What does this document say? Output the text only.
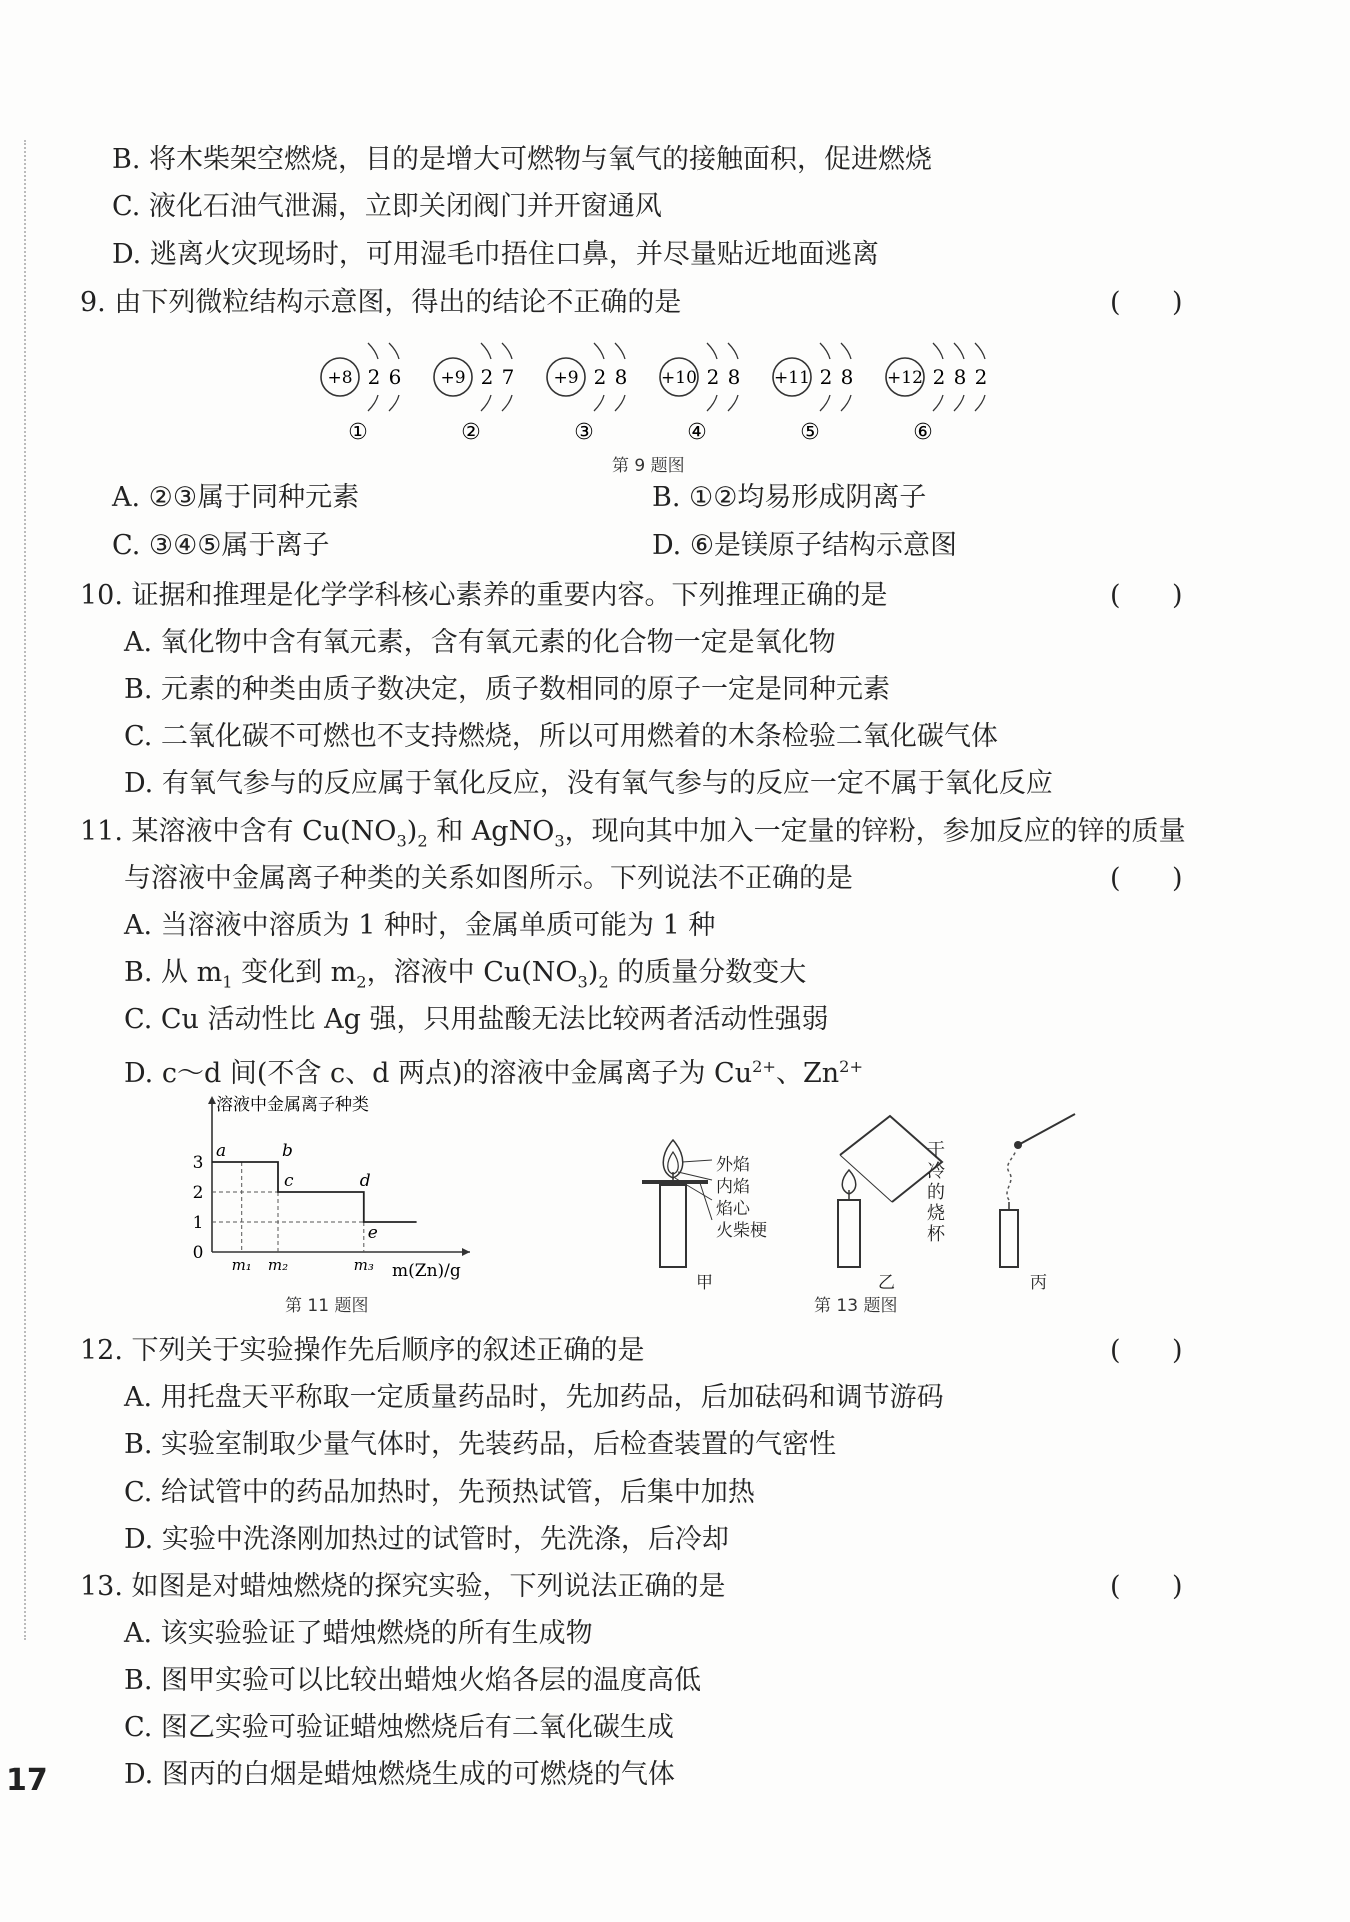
B. 将木柴架空燃烧，目的是增大可燃物与氧气的接触面积，促进燃烧
C. 液化石油气泄漏，立即关闭阀门并开窗通风
D. 逃离火灾现场时，可用湿毛巾捂住口鼻，并尽量贴近地面逃离
9. 由下列微粒结构示意图，得出的结论不正确的是	(      )
+8 2 6
①
+9 2 7
②
+9 2 8
③
+10 2 8
④
+11 2 8
⑤
+12 2 8 2
⑥
第 9 题图
A. ②③属于同种元素	B. ①②均易形成阴离子
C. ③④⑤属于离子	D. ⑥是镁原子结构示意图
10. 证据和推理是化学学科核心素养的重要内容。下列推理正确的是	(      )
A. 氧化物中含有氧元素，含有氧元素的化合物一定是氧化物
B. 元素的种类由质子数决定，质子数相同的原子一定是同种元素
C. 二氧化碳不可燃也不支持燃烧，所以可用燃着的木条检验二氧化碳气体
D. 有氧气参与的反应属于氧化反应，没有氧气参与的反应一定不属于氧化反应
11. 某溶液中含有 $Cu(NO_3)_2$ 和 AgNO$_3$，现向其中加入一定量的锌粉，参加反应的锌的质量
与溶液中金属离子种类的关系如图所示。下列说法不正确的是	(      )
A. 当溶液中溶质为 1 种时，金属单质可能为 1 种
B. 从 $m_1$ 变化到 $m_2$，溶液中 $Cu(NO_3)_2$ 的质量分数变大
C. Cu 活动性比 Ag 强，只用盐酸无法比较两者活动性强弱
D. c～d 间(不含 c、d 两点)的溶液中金属离子为 $Cu^{2+}$、$Zn^{2+}$
溶液中金属离子种类
m(Zn)/g
0
1
2
3
m₁ m₂	m₃
a	b
c	d
e
第 11 题图
外焰
内焰
焰心
火柴梗
干
冷
的
烧
杯
甲	乙	丙
第 13 题图
12. 下列关于实验操作先后顺序的叙述正确的是	(      )
A. 用托盘天平称取一定质量药品时，先加药品，后加砝码和调节游码
B. 实验室制取少量气体时，先装药品，后检查装置的气密性
C. 给试管中的药品加热时，先预热试管，后集中加热
D. 实验中洗涤刚加热过的试管时，先洗涤，后冷却
13. 如图是对蜡烛燃烧的探究实验，下列说法正确的是	(      )
A. 该实验验证了蜡烛燃烧的所有生成物
B. 图甲实验可以比较出蜡烛火焰各层的温度高低
C. 图乙实验可验证蜡烛燃烧后有二氧化碳生成
D. 图丙的白烟是蜡烛燃烧生成的可燃烧的气体
17
